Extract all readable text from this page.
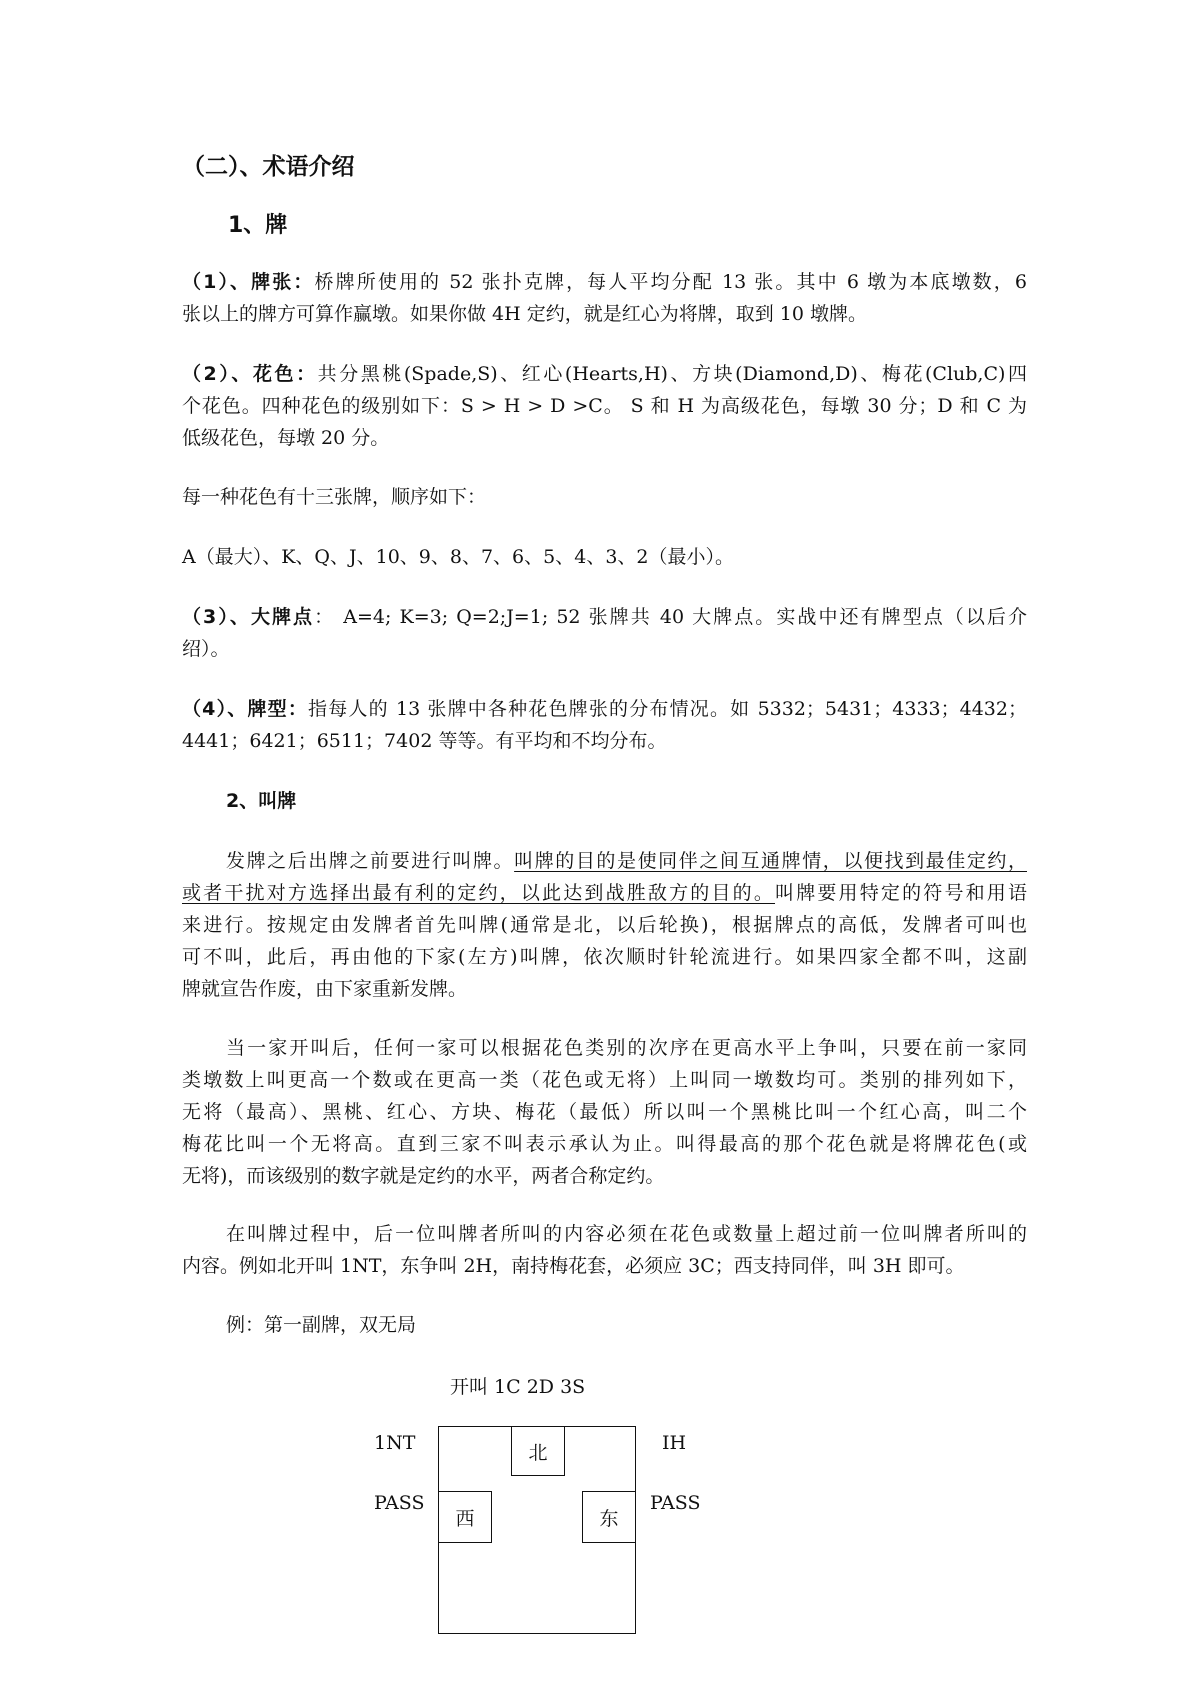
（二）、术语介绍
1、牌
（1）、牌张：桥牌所使用的 52 张扑克牌，每人平均分配 13 张。其中 6 墩为本底墩数，6
张以上的牌方可算作赢墩。如果你做 4H 定约，就是红心为将牌，取到 10 墩牌。
（2）、花色：共分黑桃(Spade,S)、红心(Hearts,H)、方块(Diamond,D)、梅花(Club,C)四
个花色。四种花色的级别如下：S > H > D >C。 S 和 H 为高级花色，每墩 30 分；D 和 C 为
低级花色，每墩 20 分。
每一种花色有十三张牌，顺序如下：
A（最大）、K、Q、J、10、9、8、7、6、5、4、3、2（最小）。
（3）、大牌点： A=4; K=3; Q=2;J=1; 52 张牌共 40 大牌点。实战中还有牌型点（以后介
绍）。
（4）、牌型：指每人的 13 张牌中各种花色牌张的分布情况。如 5332；5431；4333；4432；
4441；6421；6511；7402 等等。有平均和不均分布。
2、叫牌
发牌之后出牌之前要进行叫牌。叫牌的目的是使同伴之间互通牌情，以便找到最佳定约，
或者干扰对方选择出最有利的定约，以此达到战胜敌方的目的。叫牌要用特定的符号和用语
来进行。按规定由发牌者首先叫牌(通常是北，以后轮换)，根据牌点的高低，发牌者可叫也
可不叫，此后，再由他的下家(左方)叫牌，依次顺时针轮流进行。如果四家全都不叫，这副
牌就宣告作废，由下家重新发牌。
当一家开叫后，任何一家可以根据花色类别的次序在更高水平上争叫，只要在前一家同
类墩数上叫更高一个数或在更高一类（花色或无将）上叫同一墩数均可。类别的排列如下，
无将（最高）、黑桃、红心、方块、梅花（最低）所以叫一个黑桃比叫一个红心高，叫二个
梅花比叫一个无将高。直到三家不叫表示承认为止。叫得最高的那个花色就是将牌花色(或
无将)，而该级别的数字就是定约的水平，两者合称定约。
在叫牌过程中，后一位叫牌者所叫的内容必须在花色或数量上超过前一位叫牌者所叫的
内容。例如北开叫 1NT，东争叫 2H，南持梅花套，必须应 3C；西支持同伴，叫 3H 即可。
例：第一副牌，双无局
开叫 1C 2D 3S
1NT
PASS
IH
PASS
北
西	东
